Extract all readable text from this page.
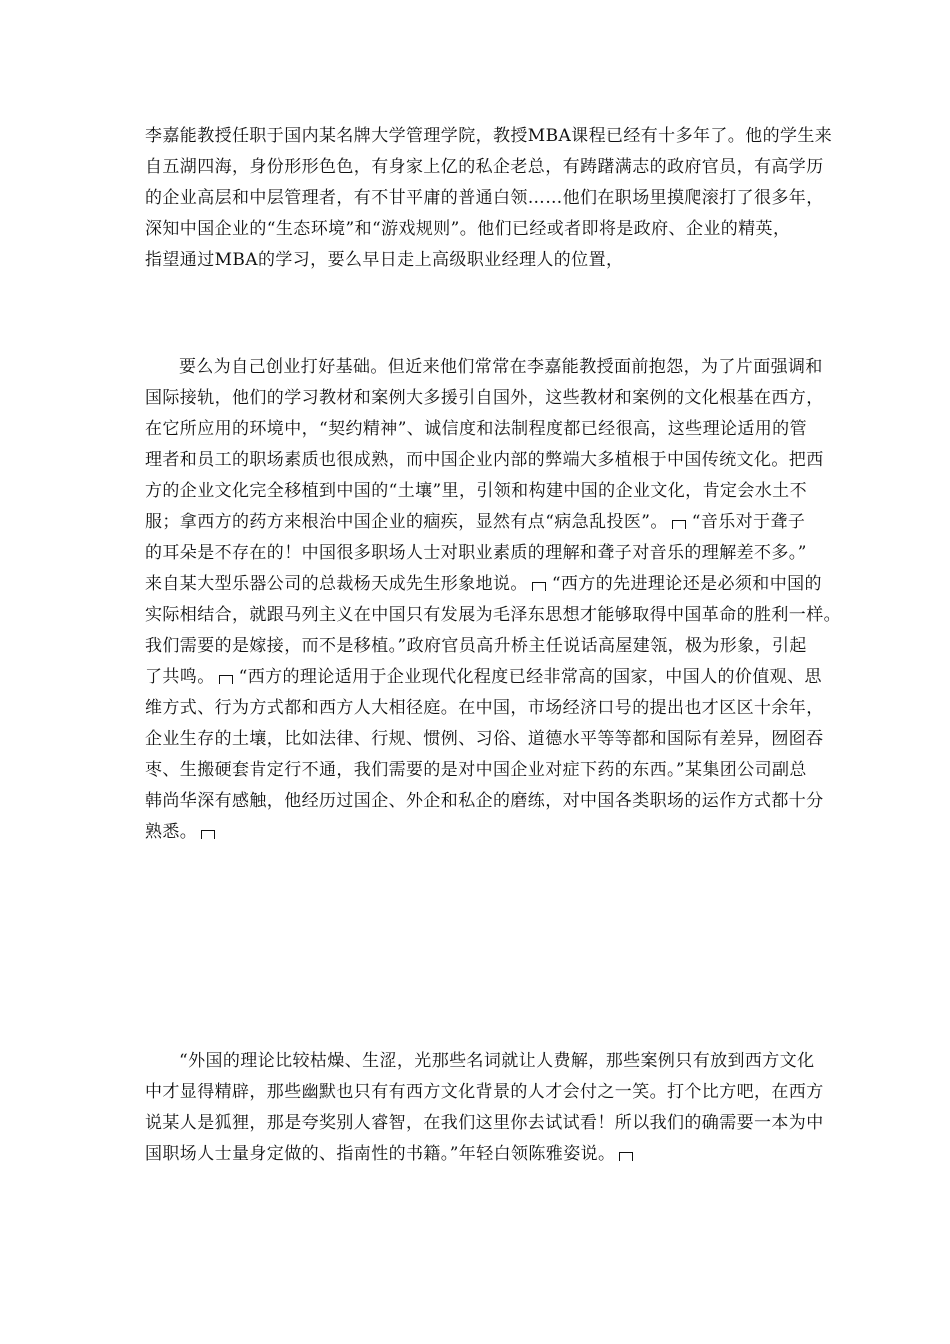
李嘉能教授任职于国内某名牌大学管理学院，教授MBA课程已经有十多年了。他的学生来
自五湖四海，身份形形色色，有身家上亿的私企老总，有踌躇满志的政府官员，有高学历
的企业高层和中层管理者，有不甘平庸的普通白领……他们在职场里摸爬滚打了很多年，
深知中国企业的“生态环境”和“游戏规则”。他们已经或者即将是政府、企业的精英，
指望通过MBA的学习，要么早日走上高级职业经理人的位置，
要么为自己创业打好基础。但近来他们常常在李嘉能教授面前抱怨，为了片面强调和
国际接轨，他们的学习教材和案例大多援引自国外，这些教材和案例的文化根基在西方，
在它所应用的环境中，“契约精神”、诚信度和法制程度都已经很高，这些理论适用的管
理者和员工的职场素质也很成熟，而中国企业内部的弊端大多植根于中国传统文化。把西
方的企业文化完全移植到中国的“土壤”里，引领和构建中国的企业文化，肯定会水土不
服；拿西方的药方来根治中国企业的痼疾，显然有点“病急乱投医”。 “音乐对于聋子
的耳朵是不存在的！中国很多职场人士对职业素质的理解和聋子对音乐的理解差不多。”
来自某大型乐器公司的总裁杨天成先生形象地说。 “西方的先进理论还是必须和中国的
实际相结合，就跟马列主义在中国只有发展为毛泽东思想才能够取得中国革命的胜利一样。
我们需要的是嫁接，而不是移植。”政府官员高升桥主任说话高屋建瓴，极为形象，引起
了共鸣。 “西方的理论适用于企业现代化程度已经非常高的国家，中国人的价值观、思
维方式、行为方式都和西方人大相径庭。在中国，市场经济口号的提出也才区区十余年，
企业生存的土壤，比如法律、行规、惯例、习俗、道德水平等等都和国际有差异，囫囵吞
枣、生搬硬套肯定行不通，我们需要的是对中国企业对症下药的东西。”某集团公司副总
韩尚华深有感触，他经历过国企、外企和私企的磨练，对中国各类职场的运作方式都十分
熟悉。
“外国的理论比较枯燥、生涩，光那些名词就让人费解，那些案例只有放到西方文化
中才显得精辟，那些幽默也只有有西方文化背景的人才会付之一笑。打个比方吧，在西方
说某人是狐狸，那是夸奖别人睿智，在我们这里你去试试看！所以我们的确需要一本为中
国职场人士量身定做的、指南性的书籍。”年轻白领陈雅姿说。
